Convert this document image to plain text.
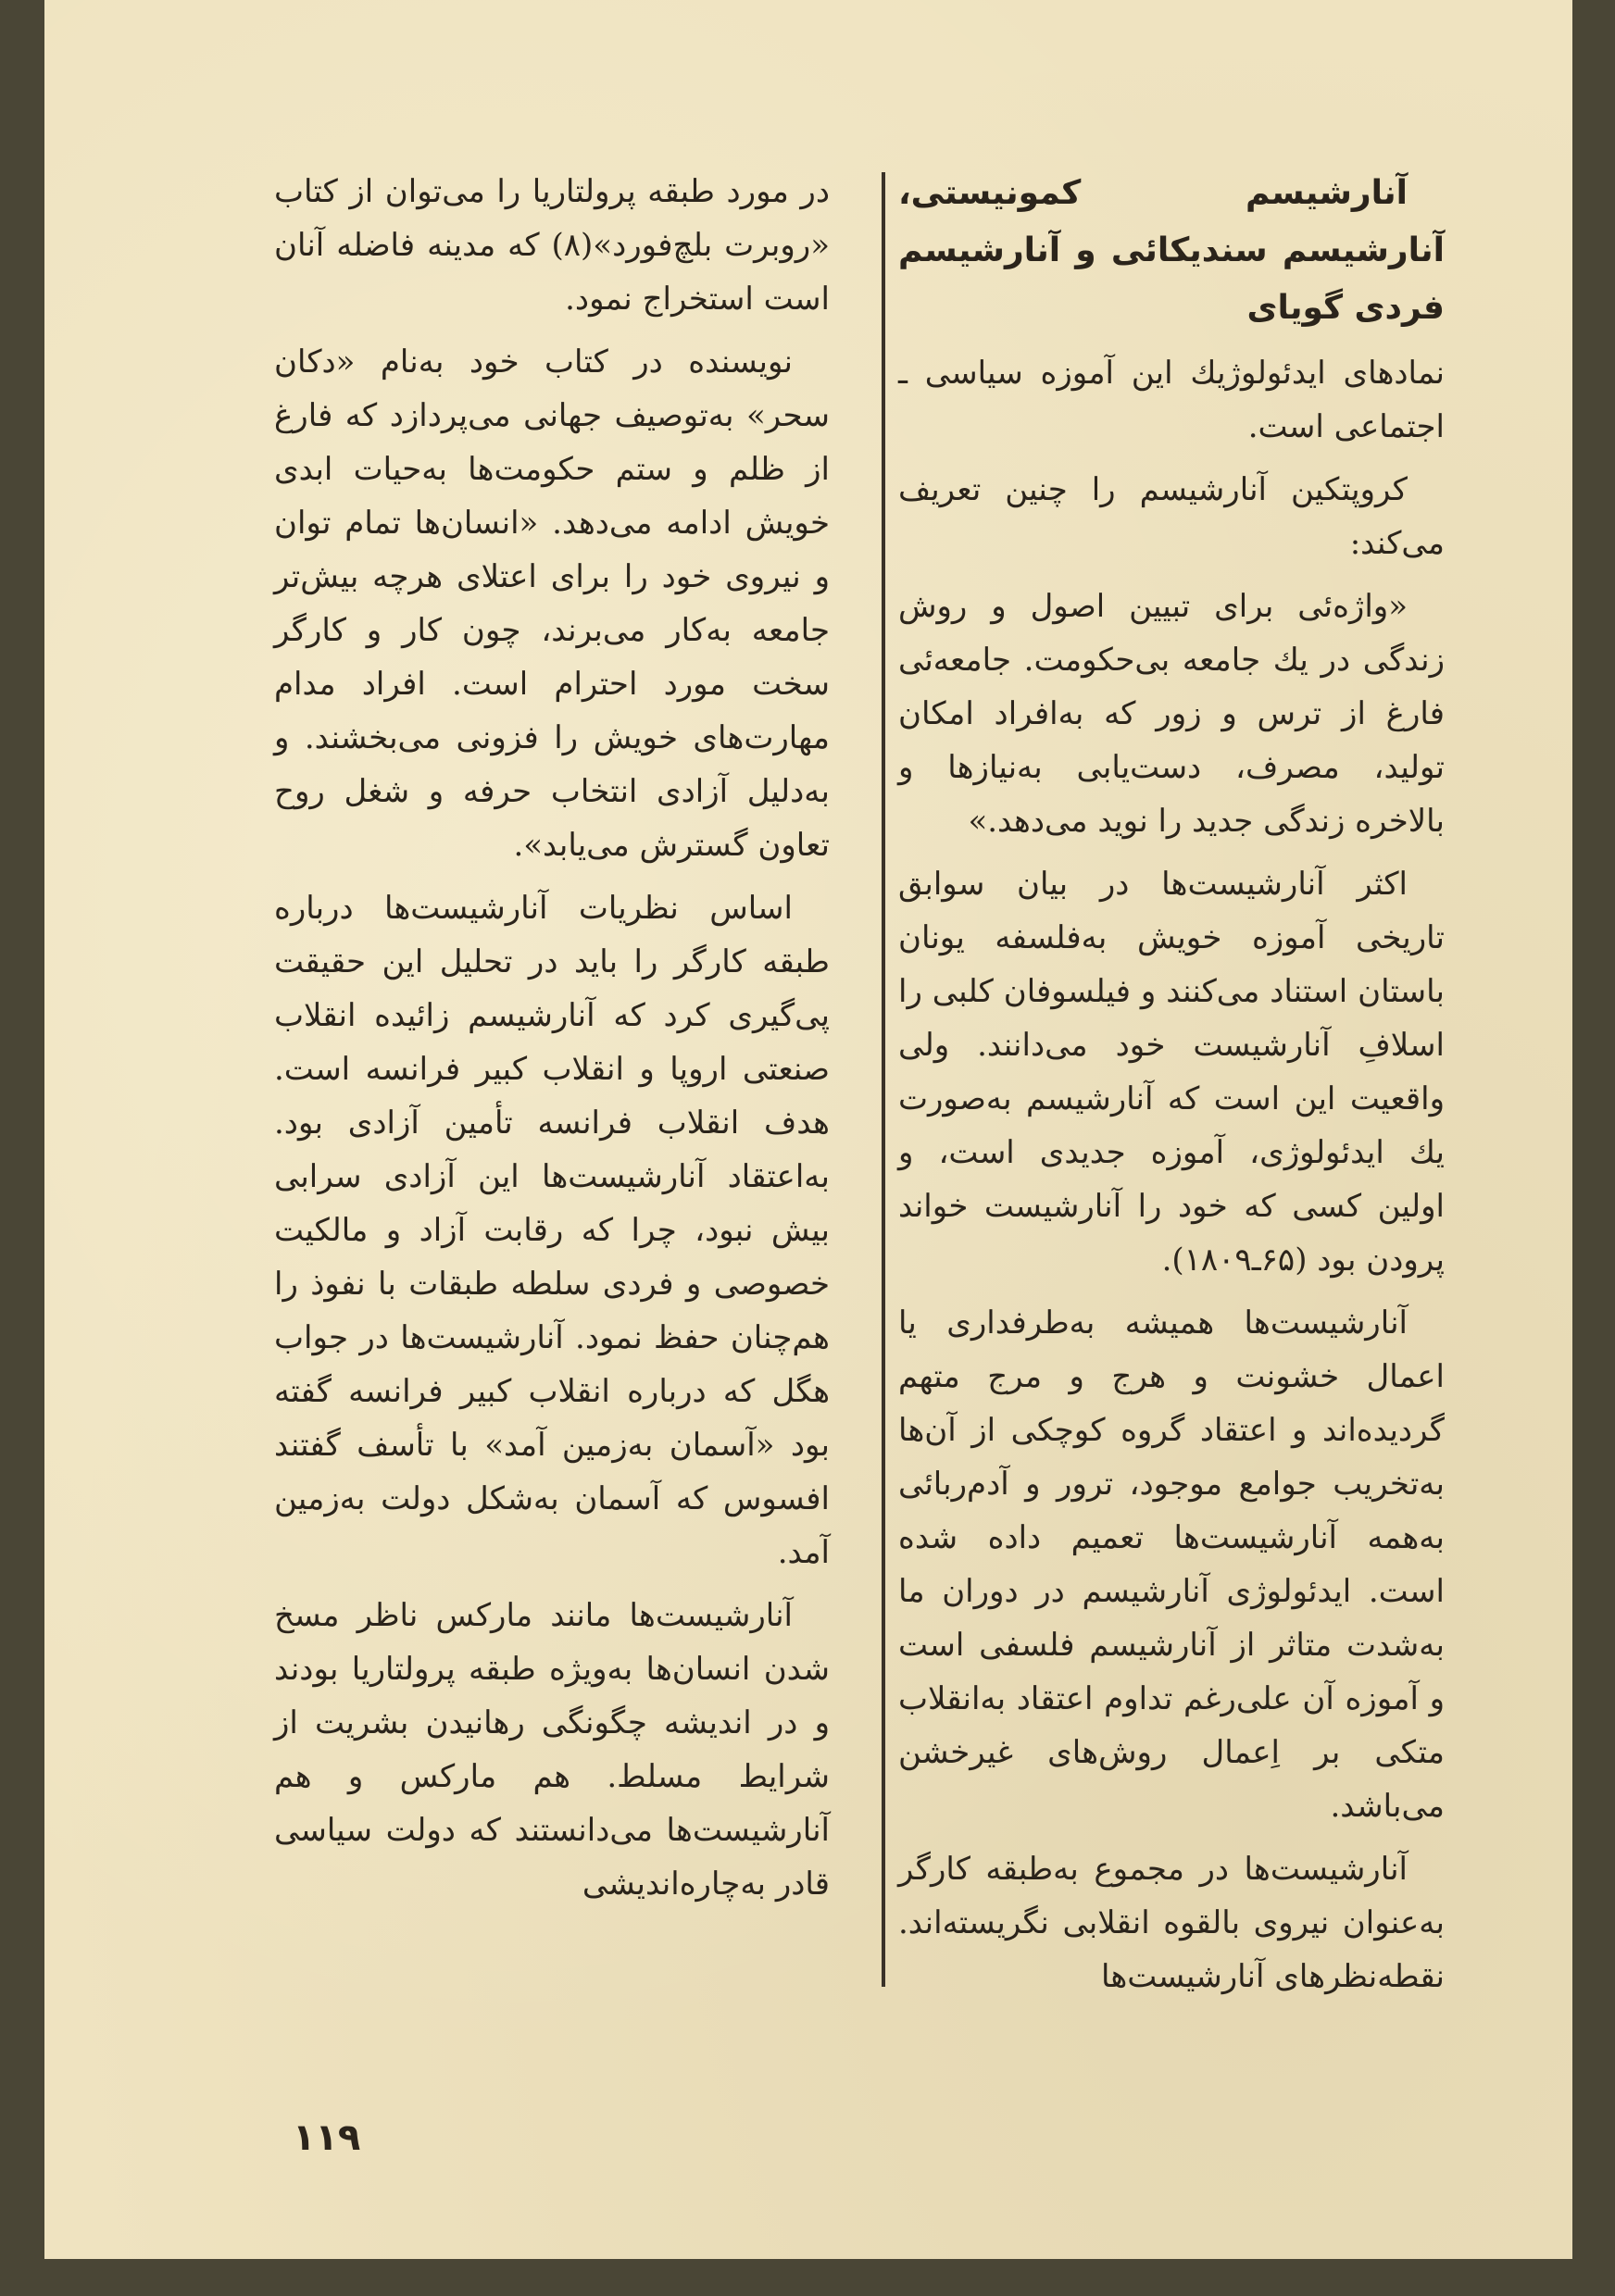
آنارشیسم کمونیستی، آنارشیسم سندیکائی و آنارشیسم فردی گویای

نمادهای ایدئولوژیك این آموزه سیاسی ـ اجتماعی است.

کروپتکین آنارشیسم را چنین تعریف می‌کند:

«واژه‌ئی برای تبیین اصول و روش زندگی در یك جامعه بی‌حکومت. جامعه‌ئی فارغ از ترس و زور که به‌افراد امکان تولید، مصرف، دست‌یابی به‌نیازها و بالاخره زندگی جدید را نوید می‌دهد.»

اکثر آنارشیست‌ها در بیان سوابق تاریخی آموزه خویش به‌فلسفه یونان باستان استناد می‌کنند و فیلسوفان کلبی را اسلافِ آنارشیست خود می‌دانند. ولی واقعیت این است که آنارشیسم به‌صورت یك ایدئولوژی، آموزه جدیدی است، و اولین کسی که خود را آنارشیست خواند پرودن بود (۶۵ـ۱۸۰۹).

آنارشیست‌ها همیشه به‌طرفداری یا اعمال خشونت و هرج و مرج متهم گردیده‌اند و اعتقاد گروه کوچکی از آن‌ها به‌تخریب جوامع موجود، ترور و آدم‌ربائی به‌همه آنارشیست‌ها تعمیم داده شده است. ایدئولوژی آنارشیسم در دوران ما به‌شدت متاثر از آنارشیسم فلسفی است و آموزه آن علی‌رغم تداوم اعتقاد به‌انقلاب متکی بر اِعمال روش‌های غیرخشن می‌باشد.

آنارشیست‌ها در مجموع به‌طبقه کارگر به‌عنوان نیروی بالقوه انقلابی نگریسته‌اند. نقطه‌نظرهای آنارشیست‌ها

در مورد طبقه پرولتاریا را می‌توان از کتاب «روبرت بلچ‌فورد»(۸) که مدینه فاضله آنان است استخراج نمود.

نویسنده در کتاب خود به‌نام «دکان سحر» به‌توصیف جهانی می‌پردازد که فارغ از ظلم و ستم حکومت‌ها به‌حیات ابدی خویش ادامه می‌دهد. «انسان‌ها تمام توان و نیروی خود را برای اعتلای هرچه بیش‌تر جامعه به‌کار می‌برند، چون کار و کارگر سخت مورد احترام است. افراد مدام مهارت‌های خویش را فزونی می‌بخشند. و به‌دلیل آزادی انتخاب حرفه و شغل روح تعاون گسترش می‌یابد».

اساس نظریات آنارشیست‌ها درباره طبقه کارگر را باید در تحلیل این حقیقت پی‌گیری کرد که آنارشیسم زائیده انقلاب صنعتی اروپا و انقلاب کبیر فرانسه است. هدف انقلاب فرانسه تأمین آزادی بود. به‌اعتقاد آنارشیست‌ها این آزادی سرابی بیش نبود، چرا که رقابت آزاد و مالکیت خصوصی و فردی سلطه طبقات با نفوذ را هم‌چنان حفظ نمود. آنارشیست‌ها در جواب هگل که درباره انقلاب کبیر فرانسه گفته بود «آسمان به‌زمین آمد» با تأسف گفتند افسوس که آسمان به‌شکل دولت به‌زمین آمد.

آنارشیست‌ها مانند مارکس ناظر مسخ شدن انسان‌ها به‌ویژه طبقه پرولتاریا بودند و در اندیشه چگونگی رهانیدن بشریت از شرایط مسلط. هم مارکس و هم آنارشیست‌ها می‌دانستند که دولت سیاسی قادر به‌چاره‌اندیشی

۱۱۹
